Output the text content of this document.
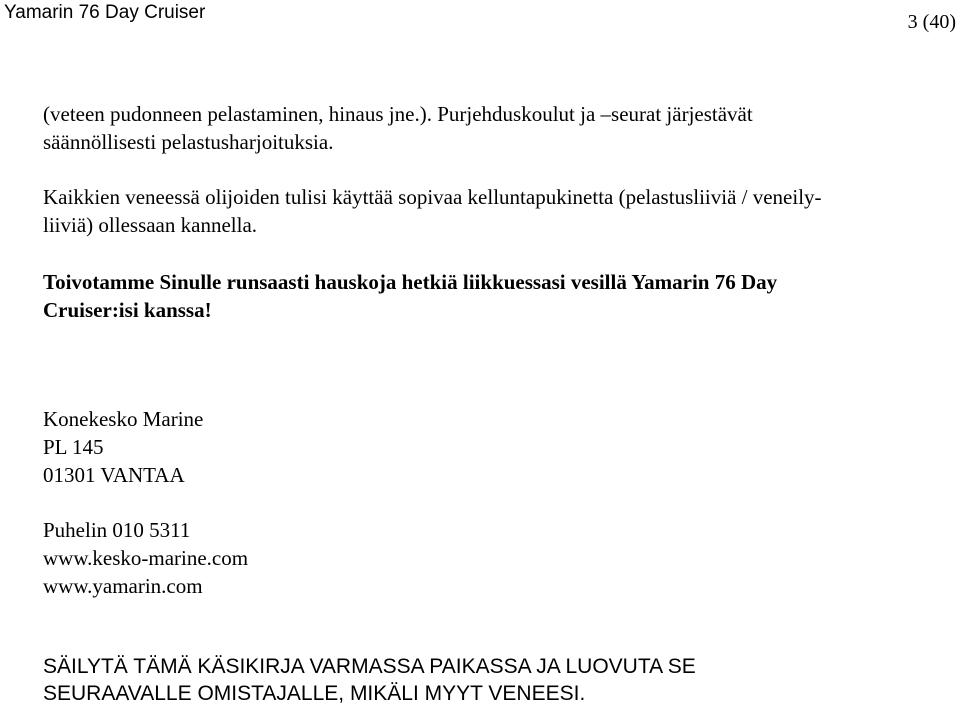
Yamarin 76 Day Cruiser	3 (40)

(veteen pudonneen pelastaminen, hinaus jne.). Purjehduskoulut ja –seurat järjestävät
säännöllisesti pelastusharjoituksia.

Kaikkien veneessä olijoiden tulisi käyttää sopivaa kelluntapukinetta (pelastusliiviä / veneily-
liiviä) ollessaan kannella.

Toivotamme Sinulle runsaasti hauskoja hetkiä liikkuessasi vesillä Yamarin 76 Day
Cruiser:isi kanssa!

Konekesko Marine
PL 145
01301 VANTAA
Puhelin 010 5311
www.kesko-marine.com
www.yamarin.com
SÄILYTÄ TÄMÄ KÄSIKIRJA VARMASSA PAIKASSA JA LUOVUTA SE
SEURAAVALLE OMISTAJALLE, MIKÄLI MYYT VENEESI.
